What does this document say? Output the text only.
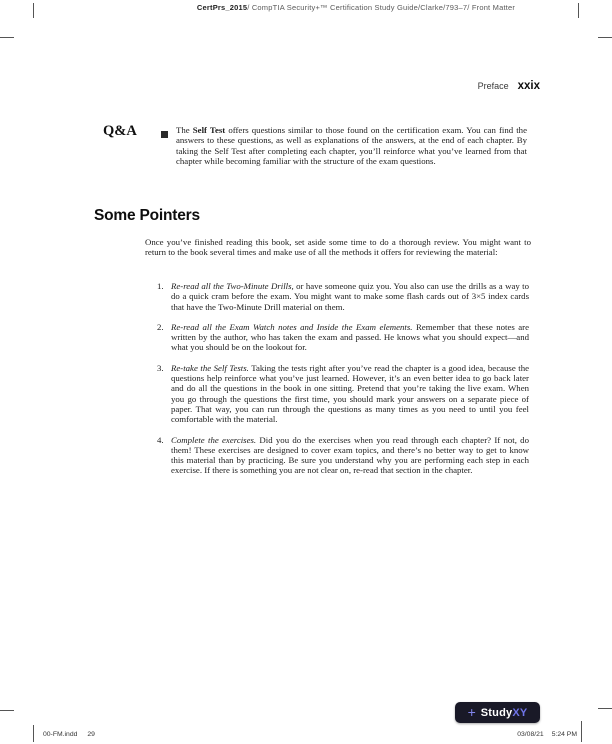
CertPrs_2015/ CompTIA Security+™ Certification Study Guide/Clarke/793–7/ Front Matter
Preface xxix
Q&A	The Self Test offers questions similar to those found on the certification exam. You can find the answers to these questions, as well as explanations of the answers, at the end of each chapter. By taking the Self Test after completing each chapter, you’ll reinforce what you’ve learned from that chapter while becoming familiar with the structure of the exam questions.
Some Pointers

Once you’ve finished reading this book, set aside some time to do a thorough review. You might want to return to the book several times and make use of all the methods it offers for reviewing the material:

1. Re-read all the Two-Minute Drills, or have someone quiz you. You also can use the drills as a way to do a quick cram before the exam. You might want to make some flash cards out of 3×5 index cards that have the Two-Minute Drill material on them.
2. Re-read all the Exam Watch notes and Inside the Exam elements. Remember that these notes are written by the author, who has taken the exam and passed. He knows what you should expect—and what you should be on the lookout for.
3. Re-take the Self Tests. Taking the tests right after you’ve read the chapter is a good idea, because the questions help reinforce what you’ve just learned. However, it’s an even better idea to go back later and do all the questions in the book in one sitting. Pretend that you’re taking the live exam. When you go through the questions the first time, you should mark your answers on a separate piece of paper. That way, you can run through the questions as many times as you need to until you feel comfortable with the material.
4. Complete the exercises. Did you do the exercises when you read through each chapter? If not, do them! These exercises are designed to cover exam topics, and there’s no better way to get to know this material than by practicing. Be sure you understand why you are performing each step in each exercise. If there is something you are not clear on, re-read that section in the chapter.
+ StudyXY
00-FM.indd 29	03/08/21 5:24 PM
